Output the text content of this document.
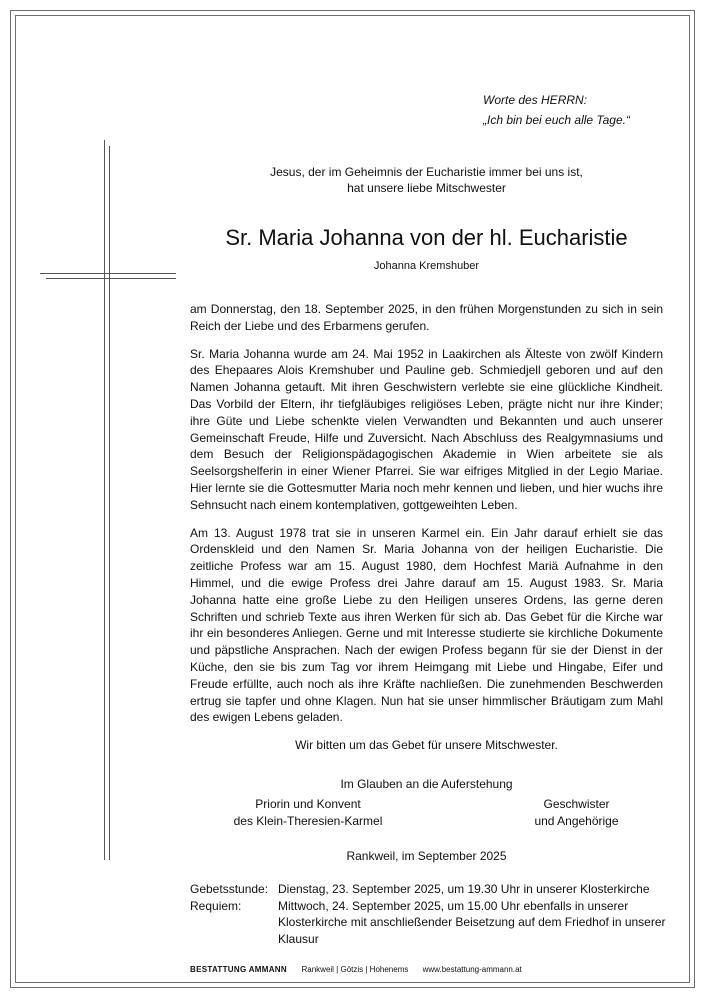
Worte des HERRN:
„Ich bin bei euch alle Tage.“
Jesus, der im Geheimnis der Eucharistie immer bei uns ist,
hat unsere liebe Mitschwester
Sr. Maria Johanna von der hl. Eucharistie
Johanna Kremshuber

am Donnerstag, den 18. September 2025, in den frühen Morgenstunden zu sich in sein Reich der Liebe und des Erbarmens gerufen.

Sr. Maria Johanna wurde am 24. Mai 1952 in Laakirchen als Älteste von zwölf Kindern des Ehepaares Alois Kremshuber und Pauline geb. Schmiedjell geboren und auf den Namen Johanna getauft. Mit ihren Geschwistern verlebte sie eine glückliche Kindheit. Das Vorbild der Eltern, ihr tiefgläubiges religiöses Leben, prägte nicht nur ihre Kinder; ihre Güte und Liebe schenkte vielen Verwandten und Bekannten und auch unserer Gemeinschaft Freude, Hilfe und Zuversicht. Nach Abschluss des Realgymnasiums und dem Besuch der Religionspädagogischen Akademie in Wien arbeitete sie als Seelsorgshelferin in einer Wiener Pfarrei. Sie war eifriges Mitglied in der Legio Mariae. Hier lernte sie die Gottesmutter Maria noch mehr kennen und lieben, und hier wuchs ihre Sehnsucht nach einem kontemplativen, gottgeweihten Leben.

Am 13. August 1978 trat sie in unseren Karmel ein. Ein Jahr darauf erhielt sie das Ordenskleid und den Namen Sr. Maria Johanna von der heiligen Eucharistie. Die zeitliche Profess war am 15. August 1980, dem Hochfest Mariä Aufnahme in den Himmel, und die ewige Profess drei Jahre darauf am 15. August 1983. Sr. Maria Johanna hatte eine große Liebe zu den Heiligen unseres Ordens, las gerne deren Schriften und schrieb Texte aus ihren Werken für sich ab. Das Gebet für die Kirche war ihr ein besonderes Anliegen. Gerne und mit Interesse studierte sie kirchliche Dokumente und päpstliche Ansprachen. Nach der ewigen Profess begann für sie der Dienst in der Küche, den sie bis zum Tag vor ihrem Heimgang mit Liebe und Hingabe, Eifer und Freude erfüllte, auch noch als ihre Kräfte nachließen. Die zunehmenden Beschwerden ertrug sie tapfer und ohne Klagen. Nun hat sie unser himmlischer Bräutigam zum Mahl des ewigen Lebens geladen.

Wir bitten um das Gebet für unsere Mitschwester.

Im Glauben an die Auferstehung

Priorin und Konvent
des Klein-Theresien-Karmel
Geschwister
und Angehörige
Rankweil, im September 2025
Gebetsstunde: Dienstag, 23. September 2025, um 19.30 Uhr in unserer Klosterkirche
Requiem:	Mittwoch, 24. September 2025, um 15.00 Uhr ebenfalls in unserer Klosterkirche mit anschließender Beisetzung auf dem Friedhof in unserer Klausur
BESTATTUNG AMMANN Rankweil | Götzis | Hohenems www.bestattung-ammann.at
